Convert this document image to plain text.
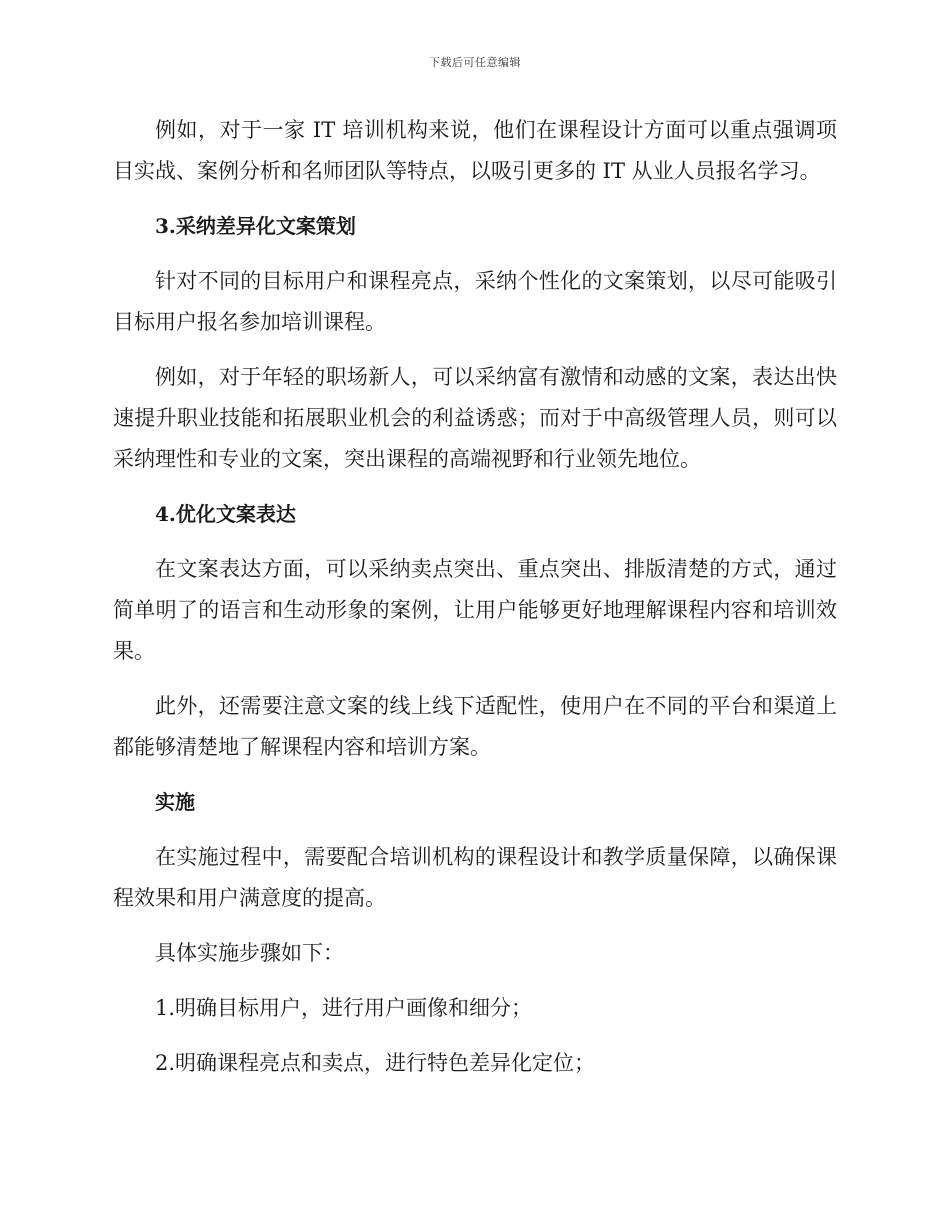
下载后可任意编辑

例如，对于一家 IT 培训机构来说，他们在课程设计方面可以重点强调项目实战、案例分析和名师团队等特点，以吸引更多的 IT 从业人员报名学习。

3.采纳差异化文案策划

针对不同的目标用户和课程亮点，采纳个性化的文案策划，以尽可能吸引目标用户报名参加培训课程。

例如，对于年轻的职场新人，可以采纳富有激情和动感的文案，表达出快速提升职业技能和拓展职业机会的利益诱惑；而对于中高级管理人员，则可以采纳理性和专业的文案，突出课程的高端视野和行业领先地位。

4.优化文案表达

在文案表达方面，可以采纳卖点突出、重点突出、排版清楚的方式，通过简单明了的语言和生动形象的案例，让用户能够更好地理解课程内容和培训效果。

此外，还需要注意文案的线上线下适配性，使用户在不同的平台和渠道上都能够清楚地了解课程内容和培训方案。

实施

在实施过程中，需要配合培训机构的课程设计和教学质量保障，以确保课程效果和用户满意度的提高。

具体实施步骤如下：

1.明确目标用户，进行用户画像和细分；

2.明确课程亮点和卖点，进行特色差异化定位；
